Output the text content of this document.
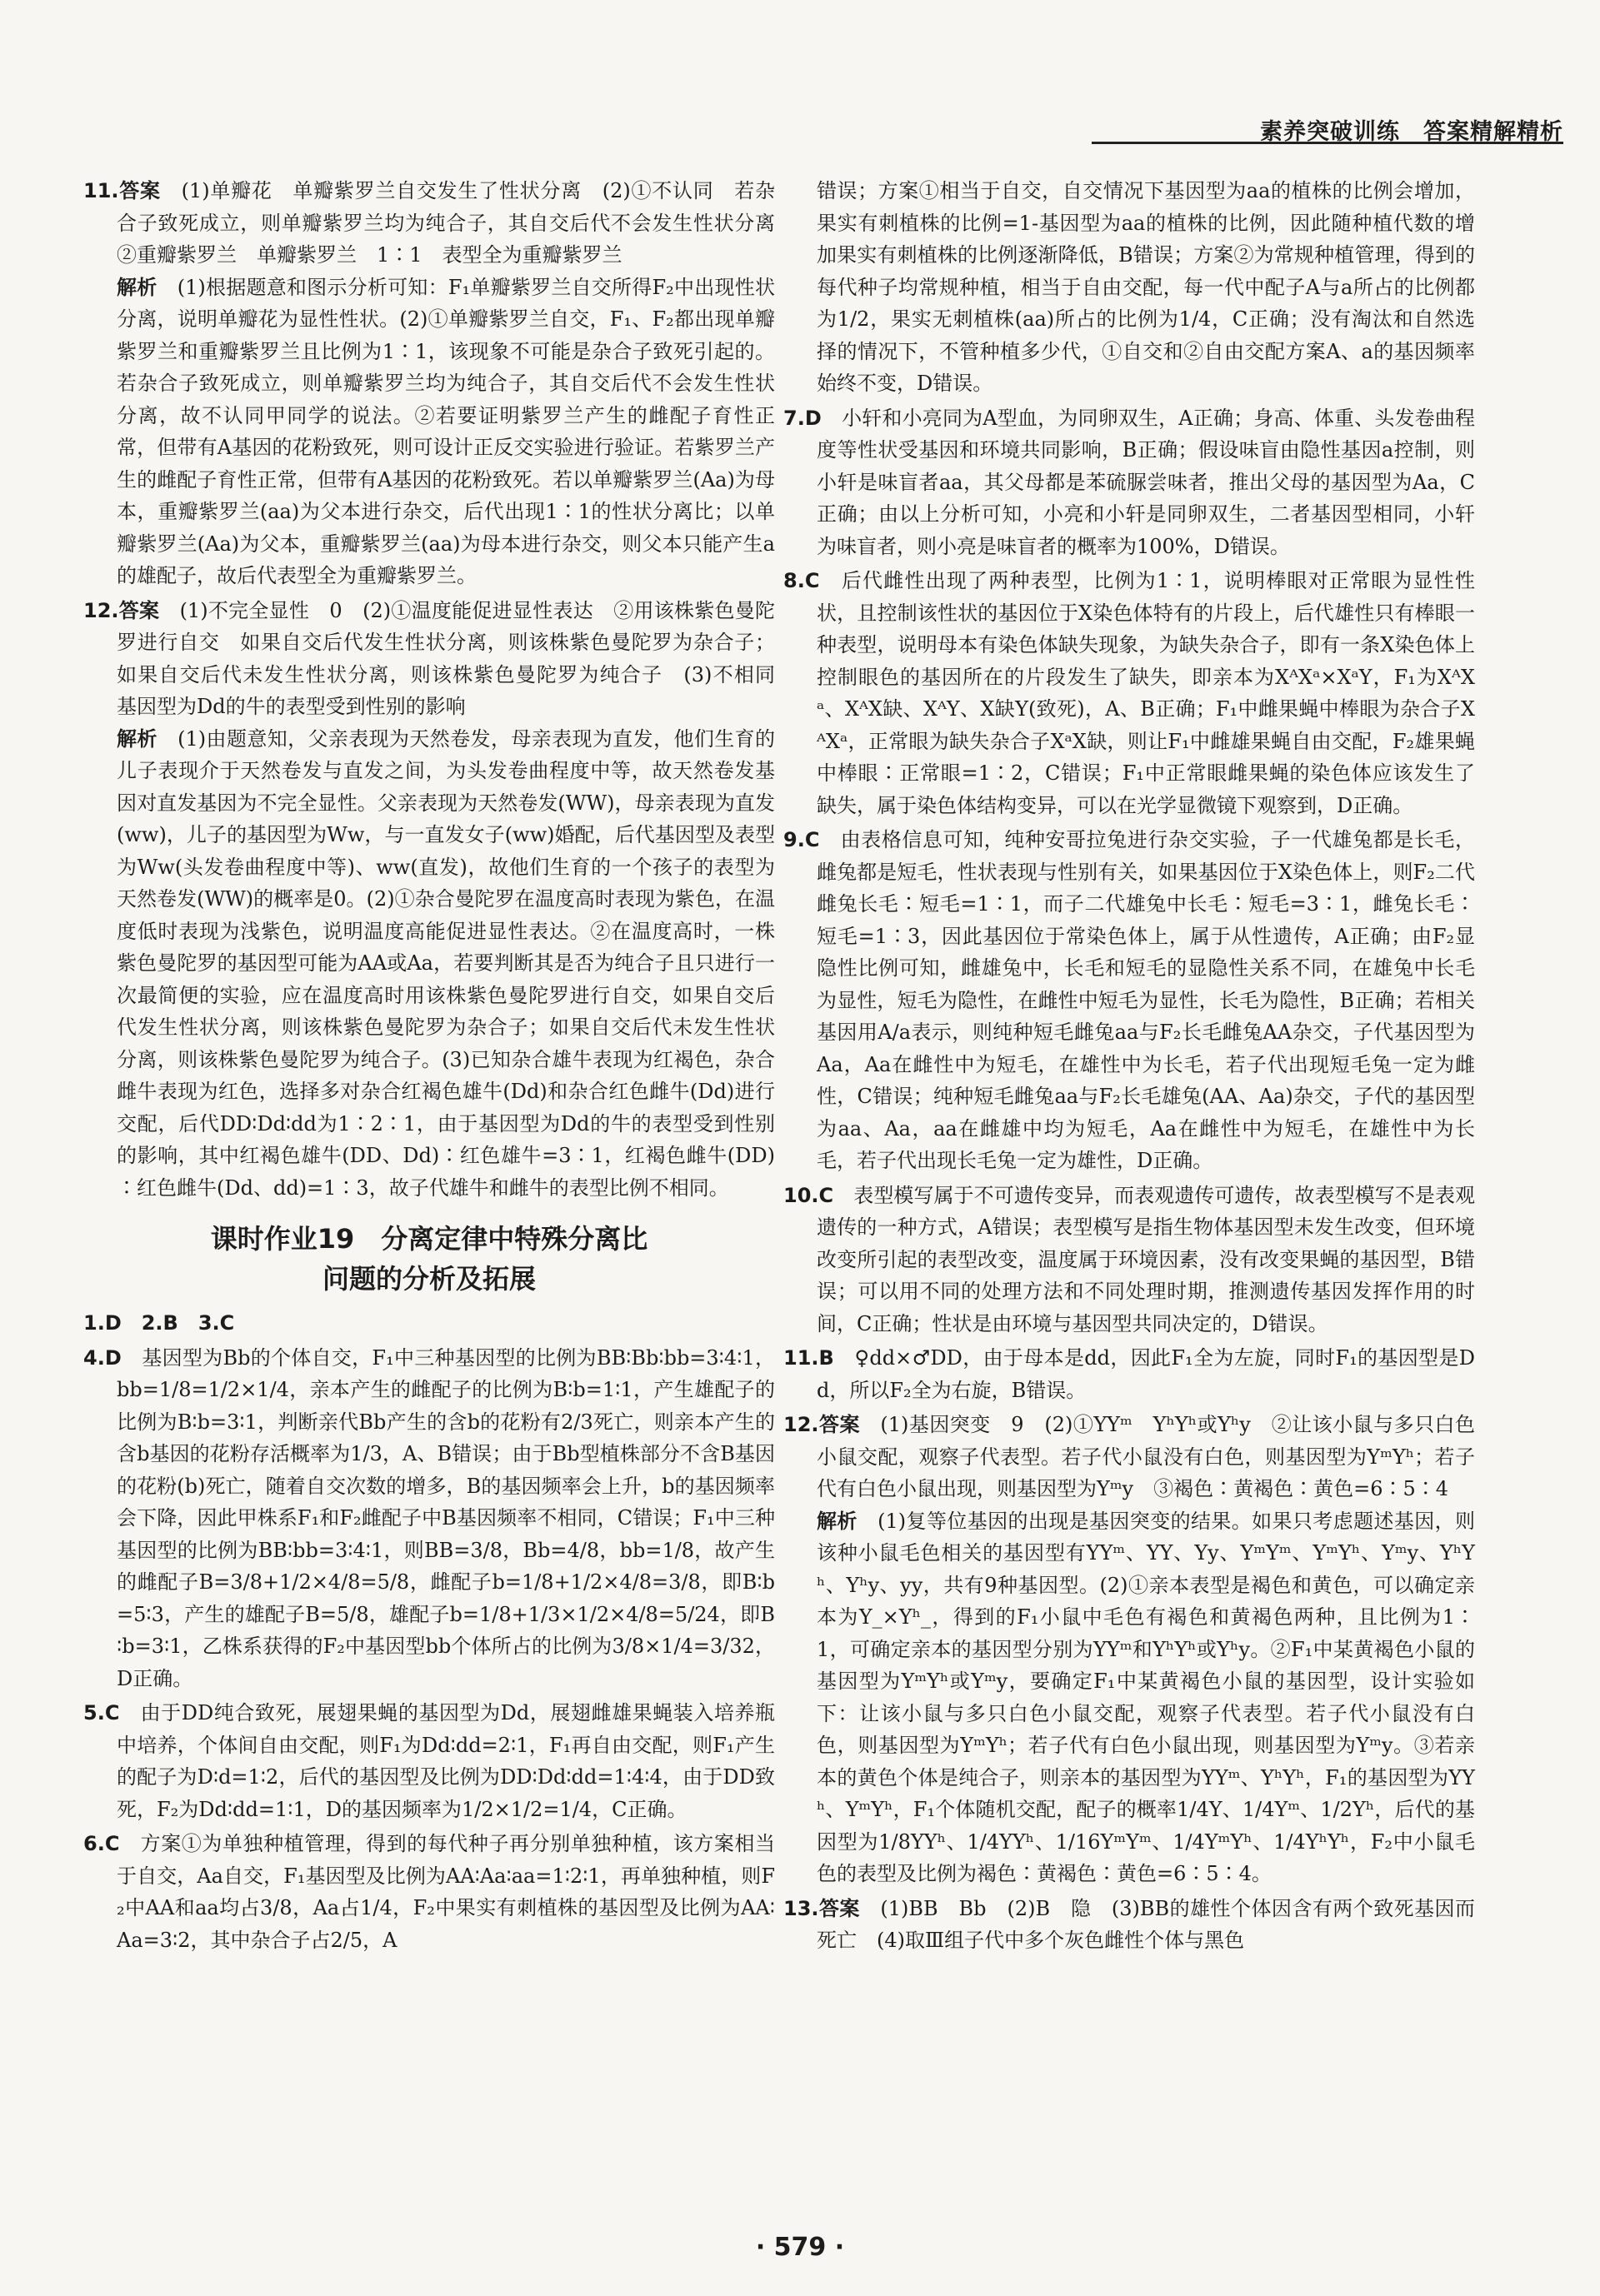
素养突破训练　答案精解精析
11.答案　 (1)单瓣花　单瓣紫罗兰自交发生了性状分离　(2)①不认同　若杂合子致死成立，则单瓣紫罗兰均为纯合子，其自交后代不会发生性状分离　②重瓣紫罗兰　单瓣紫罗兰　1∶1　表型全为重瓣紫罗兰
解析　 (1)根据题意和图示分析可知：F₁单瓣紫罗兰自交所得F₂中出现性状分离，说明单瓣花为显性性状。(2)①单瓣紫罗兰自交，F₁、F₂都出现单瓣紫罗兰和重瓣紫罗兰且比例为1∶1，该现象不可能是杂合子致死引起的。若杂合子致死成立，则单瓣紫罗兰均为纯合子，其自交后代不会发生性状分离，故不认同甲同学的说法。②若要证明紫罗兰产生的雌配子育性正常，但带有A基因的花粉致死，则可设计正反交实验进行验证。若紫罗兰产生的雌配子育性正常，但带有A基因的花粉致死。若以单瓣紫罗兰(Aa)为母本，重瓣紫罗兰(aa)为父本进行杂交，后代出现1∶1的性状分离比；以单瓣紫罗兰(Aa)为父本，重瓣紫罗兰(aa)为母本进行杂交，则父本只能产生a的雄配子，故后代表型全为重瓣紫罗兰。
12.答案　 (1)不完全显性　0　(2)①温度能促进显性表达　②用该株紫色曼陀罗进行自交　如果自交后代发生性状分离，则该株紫色曼陀罗为杂合子；如果自交后代未发生性状分离，则该株紫色曼陀罗为纯合子　(3)不相同　基因型为Dd的牛的表型受到性别的影响
解析　 (1)由题意知，父亲表现为天然卷发，母亲表现为直发，他们生育的儿子表现介于天然卷发与直发之间，为头发卷曲程度中等，故天然卷发基因对直发基因为不完全显性。父亲表现为天然卷发(WW)，母亲表现为直发(ww)，儿子的基因型为Ww，与一直发女子(ww)婚配，后代基因型及表型为Ww(头发卷曲程度中等)、ww(直发)，故他们生育的一个孩子的表型为天然卷发(WW)的概率是0。(2)①杂合曼陀罗在温度高时表现为紫色，在温度低时表现为浅紫色，说明温度高能促进显性表达。②在温度高时，一株紫色曼陀罗的基因型可能为AA或Aa，若要判断其是否为纯合子且只进行一次最简便的实验，应在温度高时用该株紫色曼陀罗进行自交，如果自交后代发生性状分离，则该株紫色曼陀罗为杂合子；如果自交后代未发生性状分离，则该株紫色曼陀罗为纯合子。(3)已知杂合雄牛表现为红褐色，杂合雌牛表现为红色，选择多对杂合红褐色雄牛(Dd)和杂合红色雌牛(Dd)进行交配，后代DD∶Dd∶dd为1∶2∶1，由于基因型为Dd的牛的表型受到性别的影响，其中红褐色雄牛(DD、Dd)∶红色雄牛=3∶1，红褐色雌牛(DD)∶红色雌牛(Dd、dd)=1∶3，故子代雄牛和雌牛的表型比例不相同。
课时作业19　分离定律中特殊分离比
问题的分析及拓展
1.D　2.B　3.C
4.D　 基因型为Bb的个体自交，F₁中三种基因型的比例为BB∶Bb∶bb=3∶4∶1，bb=1/8=1/2×1/4，亲本产生的雌配子的比例为B∶b=1∶1，产生雄配子的比例为B∶b=3∶1，判断亲代Bb产生的含b的花粉有2/3死亡，则亲本产生的含b基因的花粉存活概率为1/3，A、B错误；由于Bb型植株部分不含B基因的花粉(b)死亡，随着自交次数的增多，B的基因频率会上升，b的基因频率会下降，因此甲株系F₁和F₂雌配子中B基因频率不相同，C错误；F₁中三种基因型的比例为BB∶bb=3∶4∶1，则BB=3/8，Bb=4/8，bb=1/8，故产生的雌配子B=3/8+1/2×4/8=5/8，雌配子b=1/8+1/2×4/8=3/8，即B∶b=5∶3，产生的雄配子B=5/8，雄配子b=1/8+1/3×1/2×4/8=5/24，即B∶b=3∶1，乙株系获得的F₂中基因型bb个体所占的比例为3/8×1/4=3/32，D正确。
5.C　 由于DD纯合致死，展翅果蝇的基因型为Dd，展翅雌雄果蝇装入培养瓶中培养，个体间自由交配，则F₁为Dd∶dd=2∶1，F₁再自由交配，则F₁产生的配子为D∶d=1∶2，后代的基因型及比例为DD∶Dd∶dd=1∶4∶4，由于DD致死，F₂为Dd∶dd=1∶1，D的基因频率为1/2×1/2=1/4，C正确。
6.C　 方案①为单独种植管理，得到的每代种子再分别单独种植，该方案相当于自交，Aa自交，F₁基因型及比例为AA∶Aa∶aa=1∶2∶1，再单独种植，则F₂中AA和aa均占3/8，Aa占1/4，F₂中果实有刺植株的基因型及比例为AA∶Aa=3∶2，其中杂合子占2/5，A
错误；方案①相当于自交，自交情况下基因型为aa的植株的比例会增加，果实有刺植株的比例=1-基因型为aa的植株的比例，因此随种植代数的增加果实有刺植株的比例逐渐降低，B错误；方案②为常规种植管理，得到的每代种子均常规种植，相当于自由交配，每一代中配子A与a所占的比例都为1/2，果实无刺植株(aa)所占的比例为1/4，C正确；没有淘汰和自然选择的情况下，不管种植多少代，①自交和②自由交配方案A、a的基因频率始终不变，D错误。
7.D　 小轩和小亮同为A型血，为同卵双生，A正确；身高、体重、头发卷曲程度等性状受基因和环境共同影响，B正确；假设味盲由隐性基因a控制，则小轩是味盲者aa，其父母都是苯硫脲尝味者，推出父母的基因型为Aa，C正确；由以上分析可知，小亮和小轩是同卵双生，二者基因型相同，小轩为味盲者，则小亮是味盲者的概率为100%，D错误。
8.C　 后代雌性出现了两种表型，比例为1∶1，说明棒眼对正常眼为显性性状，且控制该性状的基因位于X染色体特有的片段上，后代雄性只有棒眼一种表型，说明母本有染色体缺失现象，为缺失杂合子，即有一条X染色体上控制眼色的基因所在的片段发生了缺失，即亲本为XᴬXᵃ×XᵃY，F₁为XᴬXᵃ、XᴬX缺、XᴬY、X缺Y(致死)，A、B正确；F₁中雌果蝇中棒眼为杂合子XᴬXᵃ，正常眼为缺失杂合子XᵃX缺，则让F₁中雌雄果蝇自由交配，F₂雄果蝇中棒眼∶正常眼=1∶2，C错误；F₁中正常眼雌果蝇的染色体应该发生了缺失，属于染色体结构变异，可以在光学显微镜下观察到，D正确。
9.C　 由表格信息可知，纯种安哥拉兔进行杂交实验，子一代雄兔都是长毛，雌兔都是短毛，性状表现与性别有关，如果基因位于X染色体上，则F₂二代雌兔长毛∶短毛=1∶1，而子二代雄兔中长毛∶短毛=3∶1，雌兔长毛∶短毛=1∶3，因此基因位于常染色体上，属于从性遗传，A正确；由F₂显隐性比例可知，雌雄兔中，长毛和短毛的显隐性关系不同，在雄兔中长毛为显性，短毛为隐性，在雌性中短毛为显性，长毛为隐性，B正确；若相关基因用A/a表示，则纯种短毛雌兔aa与F₂长毛雌兔AA杂交，子代基因型为Aa，Aa在雌性中为短毛，在雄性中为长毛，若子代出现短毛兔一定为雌性，C错误；纯种短毛雌兔aa与F₂长毛雄兔(AA、Aa)杂交，子代的基因型为aa、Aa，aa在雌雄中均为短毛，Aa在雌性中为短毛，在雄性中为长毛，若子代出现长毛兔一定为雄性，D正确。
10.C　 表型模写属于不可遗传变异，而表观遗传可遗传，故表型模写不是表观遗传的一种方式，A错误；表型模写是指生物体基因型未发生改变，但环境改变所引起的表型改变，温度属于环境因素，没有改变果蝇的基因型，B错误；可以用不同的处理方法和不同处理时期，推测遗传基因发挥作用的时间，C正确；性状是由环境与基因型共同决定的，D错误。
11.B　 ♀dd×♂DD，由于母本是dd，因此F₁全为左旋，同时F₁的基因型是Dd，所以F₂全为右旋，B错误。
12.答案　 (1)基因突变　9　(2)①YYᵐ　YʰYʰ或Yʰy　②让该小鼠与多只白色小鼠交配，观察子代表型。若子代小鼠没有白色，则基因型为YᵐYʰ；若子代有白色小鼠出现，则基因型为Yᵐy　③褐色∶黄褐色∶黄色=6∶5∶4
解析　 (1)复等位基因的出现是基因突变的结果。如果只考虑题述基因，则该种小鼠毛色相关的基因型有YYᵐ、YY、Yy、YᵐYᵐ、YᵐYʰ、Yᵐy、YʰYʰ、Yʰy、yy，共有9种基因型。(2)①亲本表型是褐色和黄色，可以确定亲本为Y_×Yʰ_，得到的F₁小鼠中毛色有褐色和黄褐色两种，且比例为1∶1，可确定亲本的基因型分别为YYᵐ和YʰYʰ或Yʰy。②F₁中某黄褐色小鼠的基因型为YᵐYʰ或Yᵐy，要确定F₁中某黄褐色小鼠的基因型，设计实验如下：让该小鼠与多只白色小鼠交配，观察子代表型。若子代小鼠没有白色，则基因型为YᵐYʰ；若子代有白色小鼠出现，则基因型为Yᵐy。③若亲本的黄色个体是纯合子，则亲本的基因型为YYᵐ、YʰYʰ，F₁的基因型为YYʰ、YᵐYʰ，F₁个体随机交配，配子的概率1/4Y、1/4Yᵐ、1/2Yʰ，后代的基因型为1/8YYʰ、1/4YYʰ、1/16YᵐYᵐ、1/4YᵐYʰ、1/4YʰYʰ，F₂中小鼠毛色的表型及比例为褐色∶黄褐色∶黄色=6∶5∶4。
13.答案　 (1)BB　Bb　(2)B　隐　(3)BB的雄性个体因含有两个致死基因而死亡　(4)取Ⅲ组子代中多个灰色雌性个体与黑色
· 579 ·
